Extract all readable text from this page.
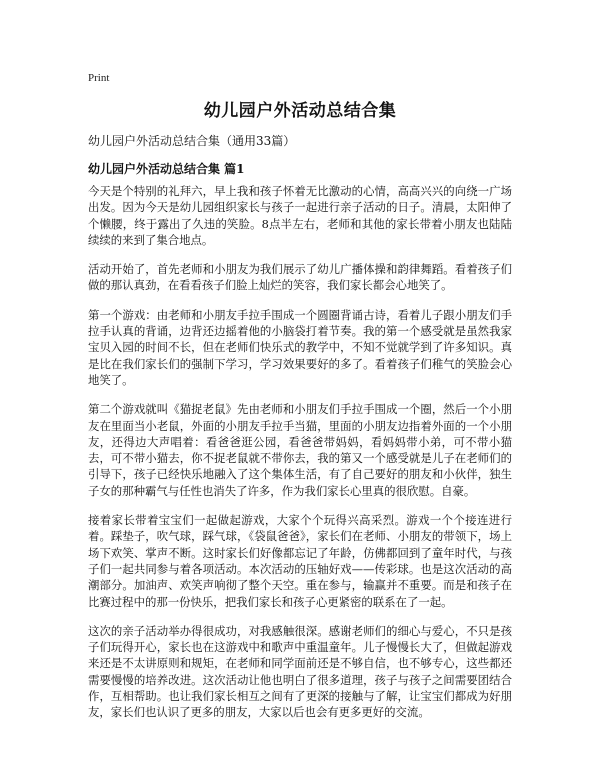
Print
幼儿园户外活动总结合集

幼儿园户外活动总结合集（通用33篇）

幼儿园户外活动总结合集 篇1

今天是个特别的礼拜六，早上我和孩子怀着无比激动的心情，高高兴兴的向绕一广场出发。因为今天是幼儿园组织家长与孩子一起进行亲子活动的日子。清晨，太阳伸了个懒腰，终于露出了久违的笑脸。8点半左右，老师和其他的家长带着小朋友也陆陆续续的来到了集合地点。

活动开始了，首先老师和小朋友为我们展示了幼儿广播体操和韵律舞蹈。看着孩子们做的那认真劲，在看看孩子们脸上灿烂的笑容，我们家长都会心地笑了。

第一个游戏：由老师和小朋友手拉手围成一个圆圈背诵古诗，看着儿子跟小朋友们手拉手认真的背诵，边背还边摇着他的小脑袋打着节奏。我的第一个感受就是虽然我家宝贝入园的时间不长，但在老师们快乐式的教学中，不知不觉就学到了许多知识。真是比在我们家长们的强制下学习，学习效果要好的多了。看着孩子们稚气的笑脸会心地笑了。

第二个游戏就叫《猫捉老鼠》先由老师和小朋友们手拉手围成一个圈，然后一个小朋友在里面当小老鼠，外面的小朋友手拉手当猫，里面的小朋友边指着外面的一个小朋友，还得边大声唱着：看爸爸逛公园，看爸爸带妈妈，看妈妈带小弟，可不带小猫去，可不带小猫去，你不捉老鼠就不带你去，我的第又一个感受就是儿子在老师们的引导下，孩子已经快乐地融入了这个集体生活，有了自己要好的朋友和小伙伴，独生子女的那种霸气与任性也消失了许多，作为我们家长心里真的很欣慰。自豪。

接着家长带着宝宝们一起做起游戏，大家个个玩得兴高采烈。游戏一个个接连进行着。踩垫子，吹气球，踩气球，《袋鼠爸爸》，家长们在老师、小朋友的带领下，场上场下欢笑、掌声不断。这时家长们好像都忘记了年龄，仿佛都回到了童年时代，与孩子们一起共同参与着各项活动。本次活动的压轴好戏——传彩球。也是这次活动的高潮部分。加油声、欢笑声响彻了整个天空。重在参与，输赢并不重要。而是和孩子在比赛过程中的那一份快乐，把我们家长和孩子心更紧密的联系在了一起。

这次的亲子活动举办得很成功，对我感触很深。感谢老师们的细心与爱心，不只是孩子们玩得开心，家长也在这游戏中和歌声中重温童年。儿子慢慢长大了，但做起游戏来还是不太讲原则和规矩，在老师和同学面前还是不够自信，也不够专心，这些都还需要慢慢的培养改进。这次活动让他也明白了很多道理，孩子与孩子之间需要团结合作，互相帮助。也让我们家长相互之间有了更深的接触与了解，让宝宝们都成为好朋友，家长们也认识了更多的朋友，大家以后也会有更多更好的交流。
